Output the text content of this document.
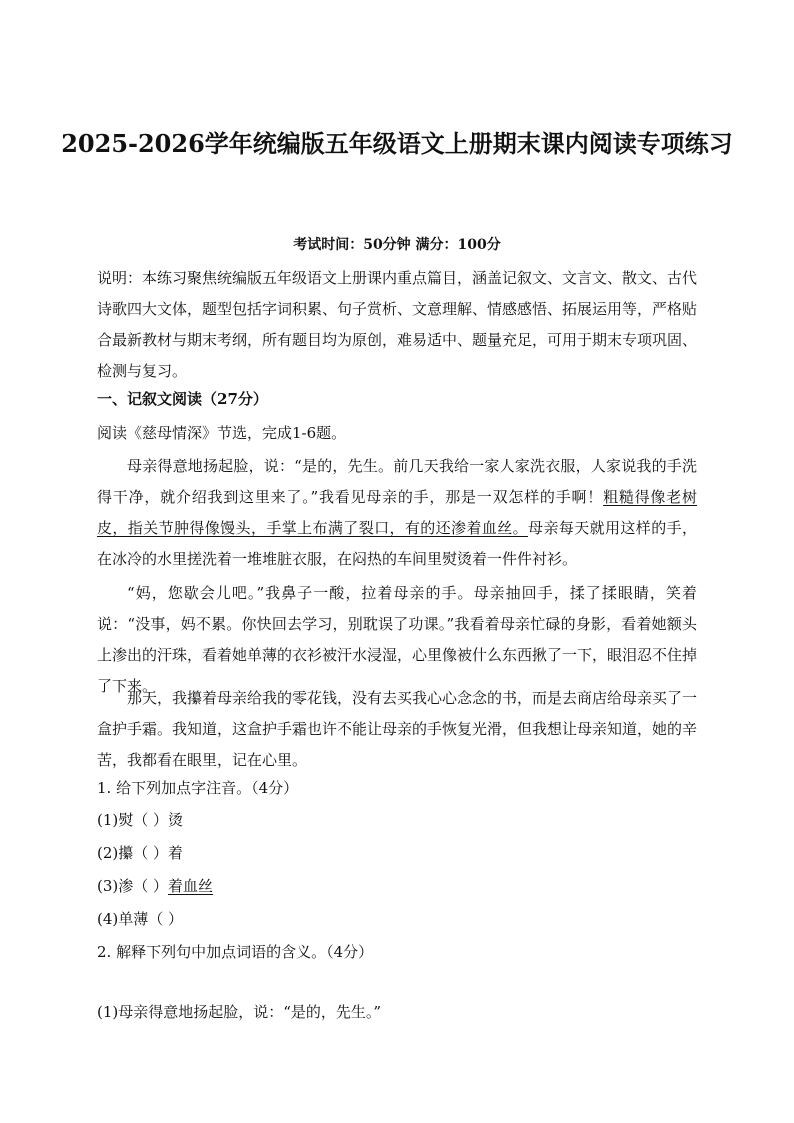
2025-2026学年统编版五年级语文上册期末课内阅读专项练习
考试时间：50分钟 满分：100分

说明：本练习聚焦统编版五年级语文上册课内重点篇目，涵盖记叙文、文言文、散文、古代诗歌四大文体，题型包括字词积累、句子赏析、文意理解、情感感悟、拓展运用等，严格贴合最新教材与期末考纲，所有题目均为原创，难易适中、题量充足，可用于期末专项巩固、检测与复习。

一、记叙文阅读（27分）

阅读《慈母情深》节选，完成1-6题。

母亲得意地扬起脸，说：“是的，先生。前几天我给一家人家洗衣服，人家说我的手洗得干净，就介绍我到这里来了。”我看见母亲的手，那是一双怎样的手啊！粗糙得像老树皮，指关节肿得像馒头，手掌上布满了裂口，有的还渗着血丝。母亲每天就用这样的手，在冰冷的水里搓洗着一堆堆脏衣服，在闷热的车间里熨烫着一件件衬衫。

“妈，您歇会儿吧。”我鼻子一酸，拉着母亲的手。母亲抽回手，揉了揉眼睛，笑着说：“没事，妈不累。你快回去学习，别耽误了功课。”我看着母亲忙碌的身影，看着她额头上渗出的汗珠，看着她单薄的衣衫被汗水浸湿，心里像被什么东西揪了一下，眼泪忍不住掉了下来。

那天，我攥着母亲给我的零花钱，没有去买我心心念念的书，而是去商店给母亲买了一盒护手霜。我知道，这盒护手霜也许不能让母亲的手恢复光滑，但我想让母亲知道，她的辛苦，我都看在眼里，记在心里。

1. 给下列加点字注音。（4分）
(1)熨（ ）烫
(2)攥（ ）着
(3)渗（ ）着血丝
(4)单薄（ ）
2. 解释下列句中加点词语的含义。（4分）
(1)母亲得意地扬起脸，说：“是的，先生。”
